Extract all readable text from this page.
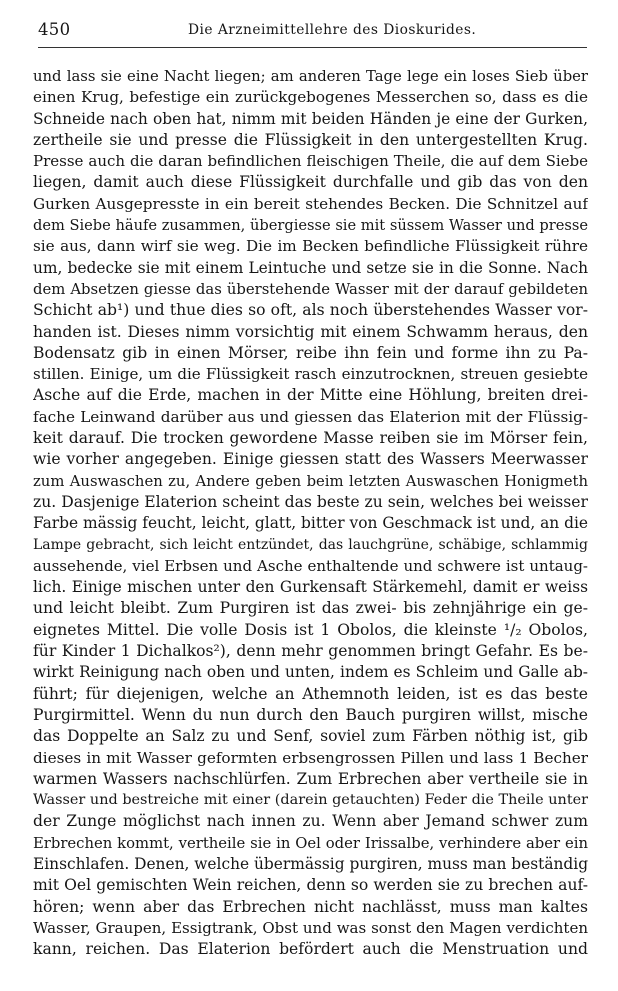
450	Die Arzneimittellehre des Dioskurides.
und lass sie eine Nacht liegen; am anderen Tage lege ein loses Sieb über
einen Krug, befestige ein zurückgebogenes Messerchen so, dass es die
Schneide nach oben hat, nimm mit beiden Händen je eine der Gurken,
zertheile sie und presse die Flüssigkeit in den untergestellten Krug.
Presse auch die daran befindlichen fleischigen Theile, die auf dem Siebe
liegen, damit auch diese Flüssigkeit durchfalle und gib das von den
Gurken Ausgepresste in ein bereit stehendes Becken. Die Schnitzel auf
dem Siebe häufe zusammen, übergiesse sie mit süssem Wasser und presse
sie aus, dann wirf sie weg. Die im Becken befindliche Flüssigkeit rühre
um, bedecke sie mit einem Leintuche und setze sie in die Sonne. Nach
dem Absetzen giesse das überstehende Wasser mit der darauf gebildeten
Schicht ab¹) und thue dies so oft, als noch überstehendes Wasser vor-
handen ist. Dieses nimm vorsichtig mit einem Schwamm heraus, den
Bodensatz gib in einen Mörser, reibe ihn fein und forme ihn zu Pa-
stillen. Einige, um die Flüssigkeit rasch einzutrocknen, streuen gesiebte
Asche auf die Erde, machen in der Mitte eine Höhlung, breiten drei-
fache Leinwand darüber aus und giessen das Elaterion mit der Flüssig-
keit darauf. Die trocken gewordene Masse reiben sie im Mörser fein,
wie vorher angegeben. Einige giessen statt des Wassers Meerwasser
zum Auswaschen zu, Andere geben beim letzten Auswaschen Honigmeth
zu. Dasjenige Elaterion scheint das beste zu sein, welches bei weisser
Farbe mässig feucht, leicht, glatt, bitter von Geschmack ist und, an die
Lampe gebracht, sich leicht entzündet, das lauchgrüne, schäbige, schlammig
aussehende, viel Erbsen und Asche enthaltende und schwere ist untaug-
lich. Einige mischen unter den Gurkensaft Stärkemehl, damit er weiss
und leicht bleibt. Zum Purgiren ist das zwei- bis zehnjährige ein ge-
eignetes Mittel. Die volle Dosis ist 1 Obolos, die kleinste ¹/₂ Obolos,
für Kinder 1 Dichalkos²), denn mehr genommen bringt Gefahr. Es be-
wirkt Reinigung nach oben und unten, indem es Schleim und Galle ab-
führt; für diejenigen, welche an Athemnoth leiden, ist es das beste
Purgirmittel. Wenn du nun durch den Bauch purgiren willst, mische
das Doppelte an Salz zu und Senf, soviel zum Färben nöthig ist, gib
dieses in mit Wasser geformten erbsengrossen Pillen und lass 1 Becher
warmen Wassers nachschlürfen. Zum Erbrechen aber vertheile sie in
Wasser und bestreiche mit einer (darein getauchten) Feder die Theile unter
der Zunge möglichst nach innen zu. Wenn aber Jemand schwer zum
Erbrechen kommt, vertheile sie in Oel oder Irissalbe, verhindere aber ein
Einschlafen. Denen, welche übermässig purgiren, muss man beständig
mit Oel gemischten Wein reichen, denn so werden sie zu brechen auf-
hören; wenn aber das Erbrechen nicht nachlässt, muss man kaltes
Wasser, Graupen, Essigtrank, Obst und was sonst den Magen verdichten
kann, reichen. Das Elaterion befördert auch die Menstruation und
